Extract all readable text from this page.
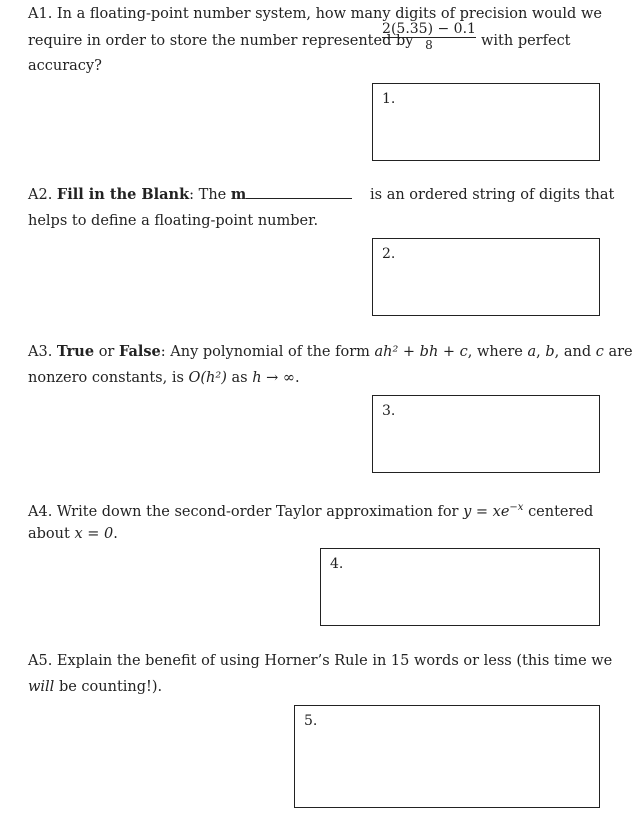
A1. In a floating-point number system, how many digits of precision would we
require in order to store the number represented by
2(5.35) − 0.1
8	with perfect
accuracy?
1.
A2. Fill in the Blank: The m	is an ordered string of digits that
helps to define a floating-point number.
2.
A3. True or False: Any polynomial of the form ah² + bh + c, where a, b, and c are
nonzero constants, is O(h²) as h → ∞.
3.
A4. Write down the second-order Taylor approximation for $y = xe^{-x}$ centered
about x = 0.
4.
A5. Explain the benefit of using Horner’s Rule in 15 words or less (this time we
will be counting!).
5.
